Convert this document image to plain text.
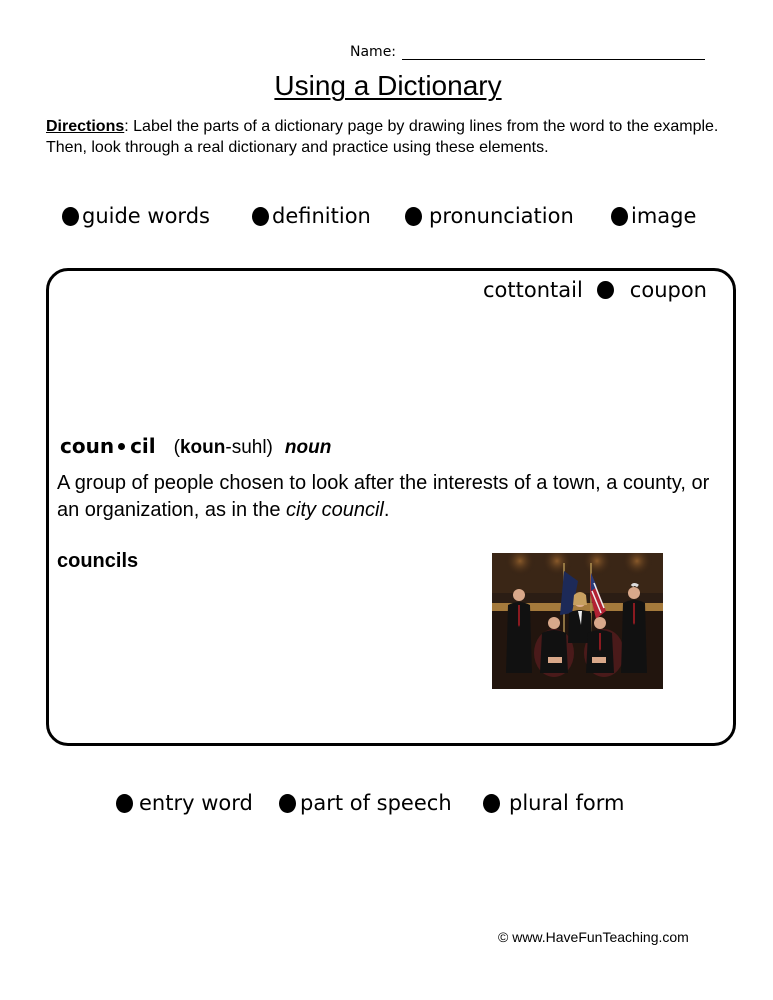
Name:
Using a Dictionary
Directions: Label the parts of a dictionary page by drawing lines from the word to the example. Then, look through a real dictionary and practice using these elements.
guide words	definition	pronunciation	image
cottontail coupon
coun cil (koun-suhl) noun
A group of people chosen to look after the interests of a town, a county, or an organization, as in the city council.
councils
entry word part of speech	plural form
© www.HaveFunTeaching.com
